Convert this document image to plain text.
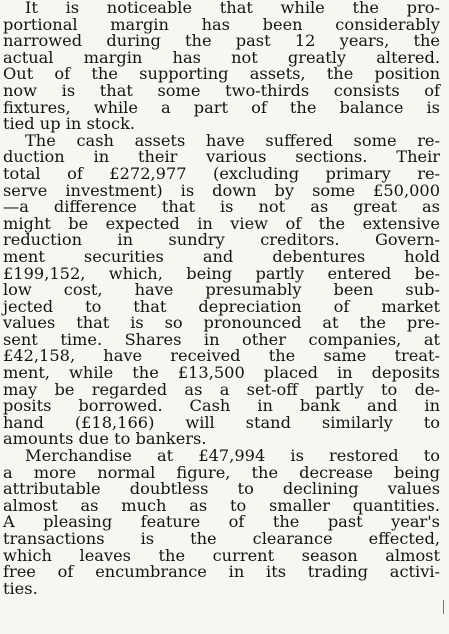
It is noticeable that while the pro-
portional margin has been considerably
narrowed during the past 12 years, the
actual margin has not greatly altered.
Out of the supporting assets, the position
now is that some two-thirds consists of
fixtures, while a part of the balance is
tied up in stock.

The cash assets have suffered some re-
duction in their various sections. Their
total of £272,977 (excluding primary re-
serve investment) is down by some £50,000
—a difference that is not as great as
might be expected in view of the extensive
reduction in sundry creditors. Govern-
ment securities and debentures hold
£199,152, which, being partly entered be-
low cost, have presumably been sub-
jected to that depreciation of market
values that is so pronounced at the pre-
sent time. Shares in other companies, at
£42,158, have received the same treat-
ment, while the £13,500 placed in deposits
may be regarded as a set-off partly to de-
posits borrowed. Cash in bank and in
hand (£18,166) will stand similarly to
amounts due to bankers.

Merchandise at £47,994 is restored to
a more normal figure, the decrease being
attributable doubtless to declining values
almost as much as to smaller quantities.
A pleasing feature of the past year's
transactions is the clearance effected,
which leaves the current season almost
free of encumbrance in its trading activi-
ties.
